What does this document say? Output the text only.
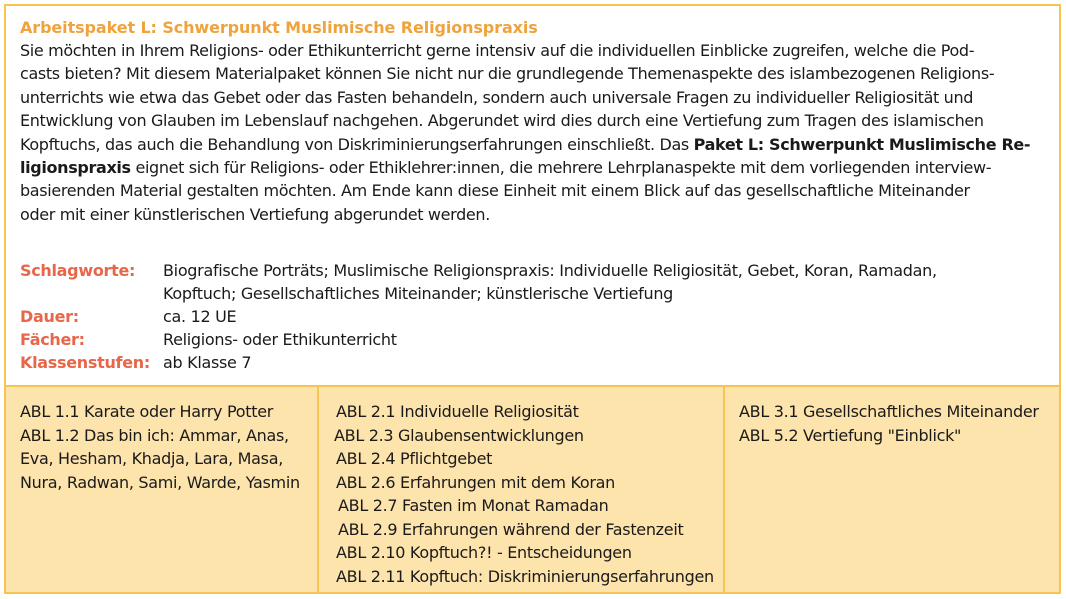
Arbeitspaket L: Schwerpunkt Muslimische Religionspraxis
Sie möchten in Ihrem Religions- oder Ethikunterricht gerne intensiv auf die individuellen Einblicke zugreifen, welche die Pod-
casts bieten? Mit diesem Materialpaket können Sie nicht nur die grundlegende Themenaspekte des islambezogenen Religions-
unterrichts wie etwa das Gebet oder das Fasten behandeln, sondern auch universale Fragen zu individueller Religiosität und
Entwicklung von Glauben im Lebenslauf nachgehen. Abgerundet wird dies durch eine Vertiefung zum Tragen des islamischen
Kopftuchs, das auch die Behandlung von Diskriminierungserfahrungen einschließt. Das Paket L: Schwerpunkt Muslimische Re-
ligionspraxis eignet sich für Religions- oder Ethiklehrer:innen, die mehrere Lehrplanaspekte mit dem vorliegenden interview-
basierenden Material gestalten möchten. Am Ende kann diese Einheit mit einem Blick auf das gesellschaftliche Miteinander
oder mit einer künstlerischen Vertiefung abgerundet werden.
Schlagworte: Biografische Porträts; Muslimische Religionspraxis: Individuelle Religiosität, Gebet, Koran, Ramadan,
Kopftuch; Gesellschaftliches Miteinander; künstlerische Vertiefung
Dauer:	ca. 12 UE
Fächer:	Religions- oder Ethikunterricht
Klassenstufen: ab Klasse 7
ABL 1.1 Karate oder Harry Potter
ABL 1.2 Das bin ich: Ammar, Anas,
Eva, Hesham, Khadja, Lara, Masa,
Nura, Radwan, Sami, Warde, Yasmin
ABL 2.1 Individuelle Religiosität
ABL 2.3 Glaubensentwicklungen
ABL 2.4 Pflichtgebet
ABL 2.6 Erfahrungen mit dem Koran
ABL 2.7 Fasten im Monat Ramadan
ABL 2.9 Erfahrungen während der Fastenzeit
ABL 2.10 Kopftuch?! - Entscheidungen
ABL 2.11 Kopftuch: Diskriminierungserfahrungen
ABL 3.1 Gesellschaftliches Miteinander
ABL 5.2 Vertiefung "Einblick"
